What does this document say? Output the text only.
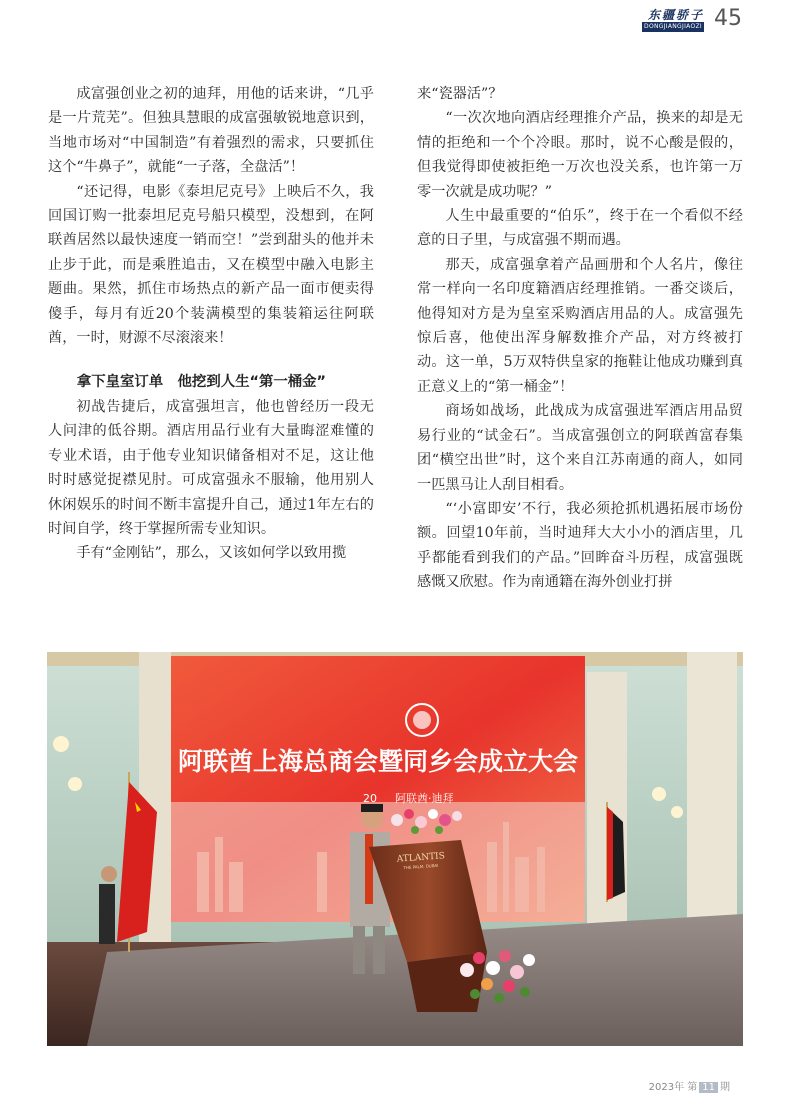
东疆骄子
DONGJIANGJIAOZI 45

成富强创业之初的迪拜，用他的话来讲，“几乎是一片荒芜”。但独具慧眼的成富强敏锐地意识到，当地市场对“中国制造”有着强烈的需求，只要抓住这个“牛鼻子”，就能“一子落，全盘活”！

“还记得，电影《泰坦尼克号》上映后不久，我回国订购一批泰坦尼克号船只模型，没想到，在阿联酋居然以最快速度一销而空！”尝到甜头的他并未止步于此，而是乘胜追击，又在模型中融入电影主题曲。果然，抓住市场热点的新产品一面市便卖得傻手，每月有近20个装满模型的集装箱运往阿联酋，一时，财源不尽滚滚来！

拿下皇室订单　他挖到人生“第一桶金”

初战告捷后，成富强坦言，他也曾经历一段无人问津的低谷期。酒店用品行业有大量晦涩难懂的专业术语，由于他专业知识储备相对不足，这让他时时感觉捉襟见肘。可成富强永不服输，他用别人休闲娱乐的时间不断丰富提升自己，通过1年左右的时间自学，终于掌握所需专业知识。

手有“金刚钻”，那么，又该如何学以致用揽

来“瓷器活”？

“一次次地向酒店经理推介产品，换来的却是无情的拒绝和一个个冷眼。那时，说不心酸是假的，但我觉得即使被拒绝一万次也没关系，也许第一万零一次就是成功呢？”

人生中最重要的“伯乐”，终于在一个看似不经意的日子里，与成富强不期而遇。

那天，成富强拿着产品画册和个人名片，像往常一样向一名印度籍酒店经理推销。一番交谈后，他得知对方是为皇室采购酒店用品的人。成富强先惊后喜，他使出浑身解数推介产品，对方终被打动。这一单，5万双特供皇家的拖鞋让他成功赚到真正意义上的“第一桶金”！

商场如战场，此战成为成富强进军酒店用品贸易行业的“试金石”。当成富强创立的阿联酋富春集团“横空出世”时，这个来自江苏南通的商人，如同一匹黑马让人刮目相看。

“‘小富即安’不行，我必须抢抓机遇拓展市场份额。回望10年前，当时迪拜大大小小的酒店里，几乎都能看到我们的产品。”回眸奋斗历程，成富强既感慨又欣慰。作为南通籍在海外创业打拼

阿联酋上海总商会暨同乡会成立大会
20 阿联酋·迪拜
ATLANTIS
THE PALM, DUBAI
2023年 第 11 期
